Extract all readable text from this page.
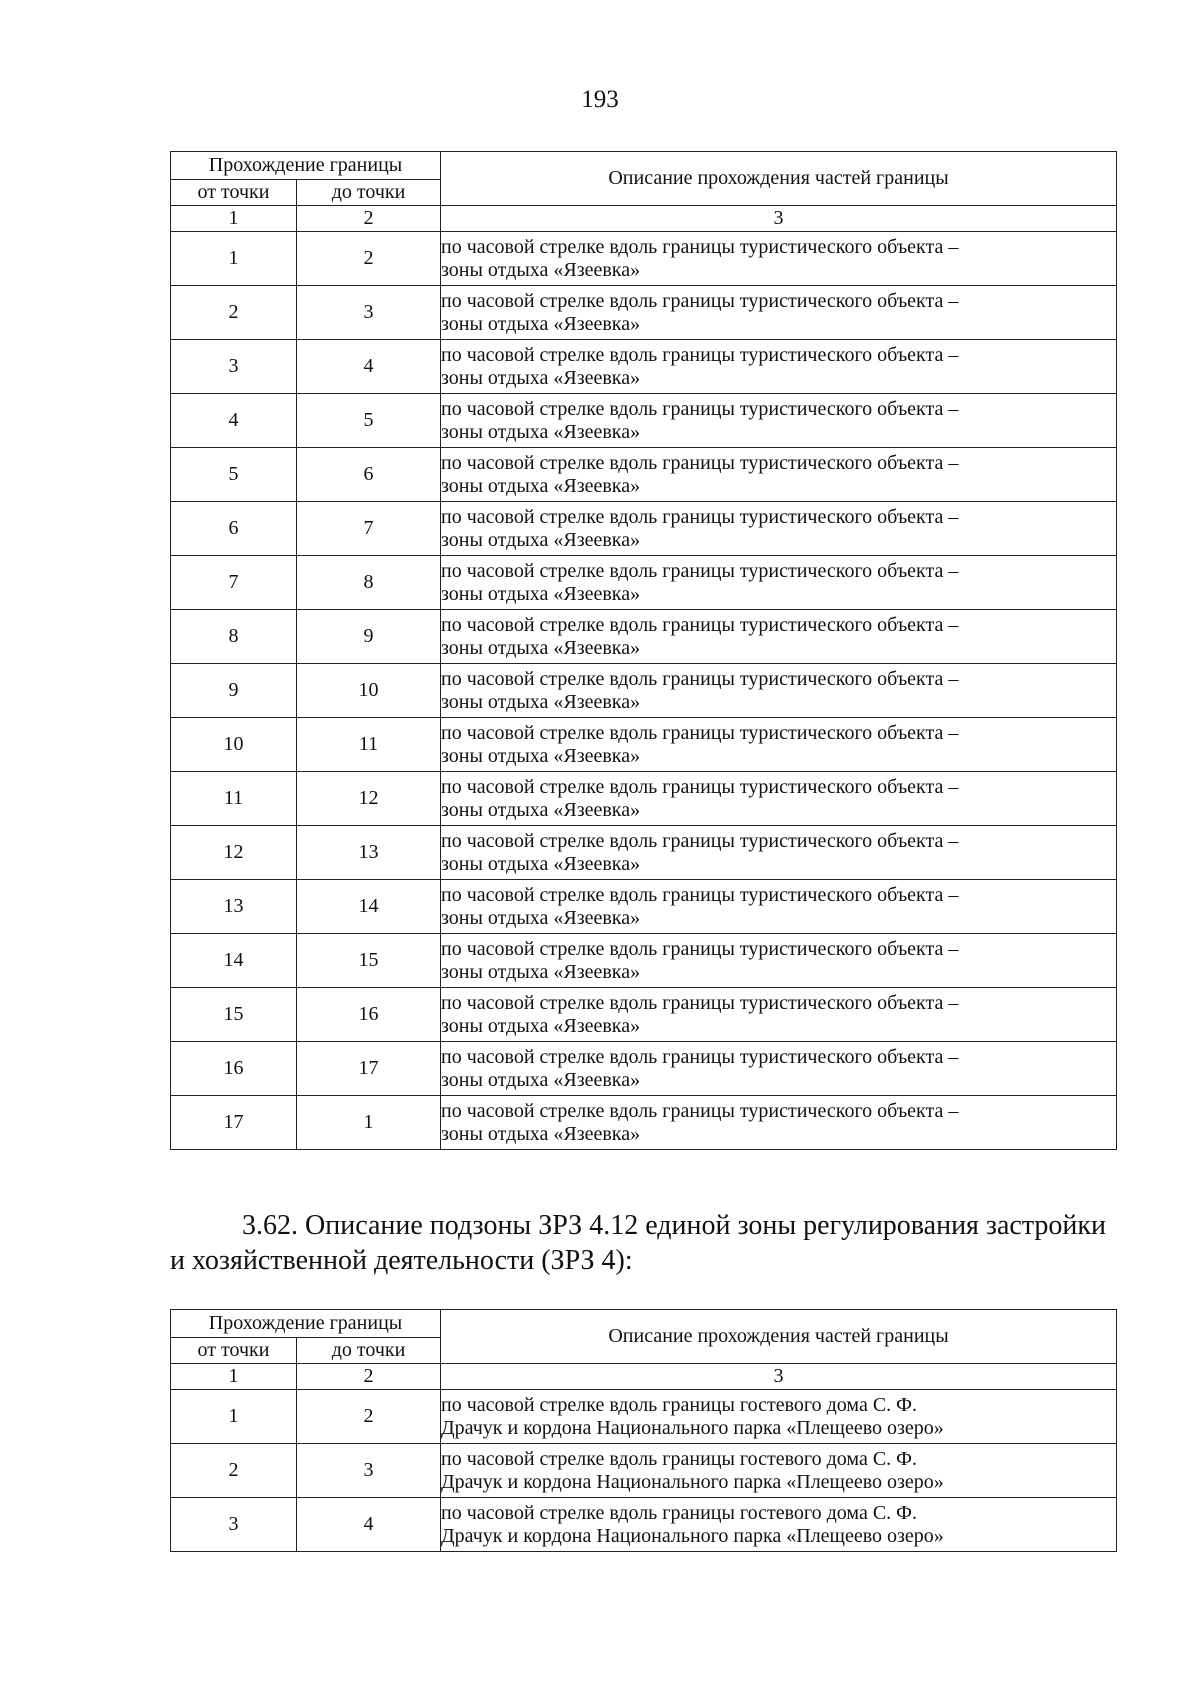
193
Прохождение границы		Описание прохождения частей границы
от точки	до точки	
1	2	3
1	2	по часовой стрелке вдоль границы туристического объекта –
зоны отдыха «Язеевка»

2	3	по часовой стрелке вдоль границы туристического объекта –
зоны отдыха «Язеевка»

3	4	по часовой стрелке вдоль границы туристического объекта –
зоны отдыха «Язеевка»

4	5	по часовой стрелке вдоль границы туристического объекта –
зоны отдыха «Язеевка»

5	6	по часовой стрелке вдоль границы туристического объекта –
зоны отдыха «Язеевка»

6	7	по часовой стрелке вдоль границы туристического объекта –
зоны отдыха «Язеевка»

7	8	по часовой стрелке вдоль границы туристического объекта –
зоны отдыха «Язеевка»

8	9	по часовой стрелке вдоль границы туристического объекта –
зоны отдыха «Язеевка»

9	10	по часовой стрелке вдоль границы туристического объекта –
зоны отдыха «Язеевка»

10	11	по часовой стрелке вдоль границы туристического объекта –
зоны отдыха «Язеевка»

11	12	по часовой стрелке вдоль границы туристического объекта –
зоны отдыха «Язеевка»

12	13	по часовой стрелке вдоль границы туристического объекта –
зоны отдыха «Язеевка»

13	14	по часовой стрелке вдоль границы туристического объекта –
зоны отдыха «Язеевка»

14	15	по часовой стрелке вдоль границы туристического объекта –
зоны отдыха «Язеевка»

15	16	по часовой стрелке вдоль границы туристического объекта –
зоны отдыха «Язеевка»

16	17	по часовой стрелке вдоль границы туристического объекта –
зоны отдыха «Язеевка»

17	1	по часовой стрелке вдоль границы туристического объекта –
зоны отдыха «Язеевка»
3.62. Описание подзоны ЗРЗ 4.12 единой зоны регулирования застройки
и хозяйственной деятельности (ЗРЗ 4):
Прохождение границы		Описание прохождения частей границы
от точки	до точки	
1	2	3
1	2	по часовой стрелке вдоль границы гостевого дома С. Ф.
Драчук и кордона Национального парка «Плещеево озеро»

2	3	по часовой стрелке вдоль границы гостевого дома С. Ф.
Драчук и кордона Национального парка «Плещеево озеро»

3	4	по часовой стрелке вдоль границы гостевого дома С. Ф.
Драчук и кордона Национального парка «Плещеево озеро»
